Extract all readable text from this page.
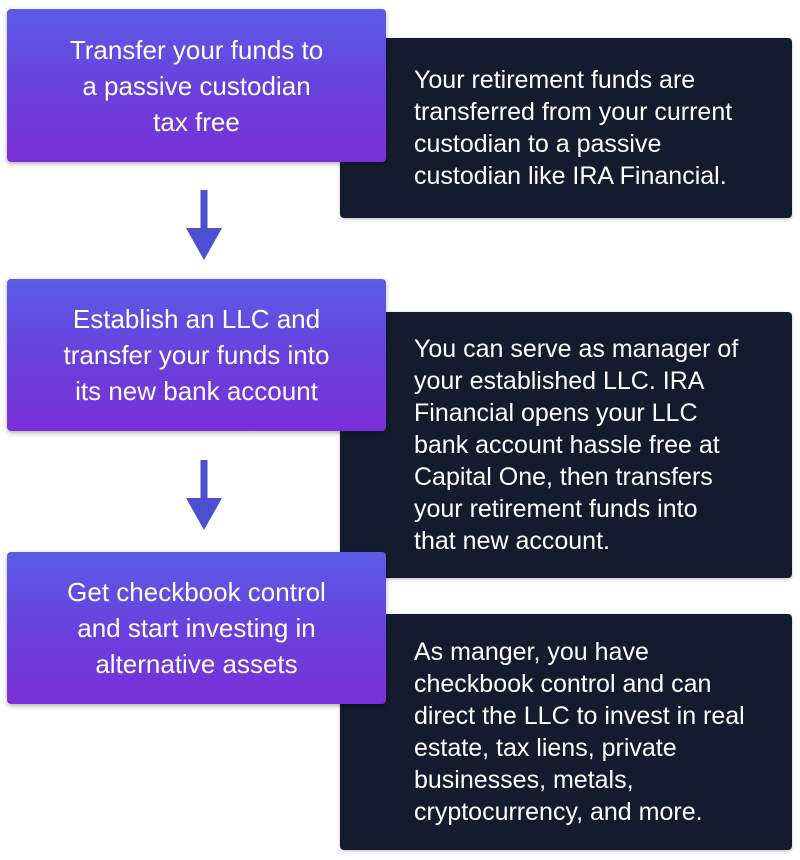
Your retirement funds are
transferred from your current
custodian to a passive
custodian like IRA Financial.
You can serve as manager of
your established LLC. IRA
Financial opens your LLC
bank account hassle free at
Capital One, then transfers
your retirement funds into
that new account.
As manger, you have
checkbook control and can
direct the LLC to invest in real
estate, tax liens, private
businesses, metals,
cryptocurrency, and more.
Transfer your funds to
a passive custodian
tax free
Establish an LLC and
transfer your funds into
its new bank account
Get checkbook control
and start investing in
alternative assets
